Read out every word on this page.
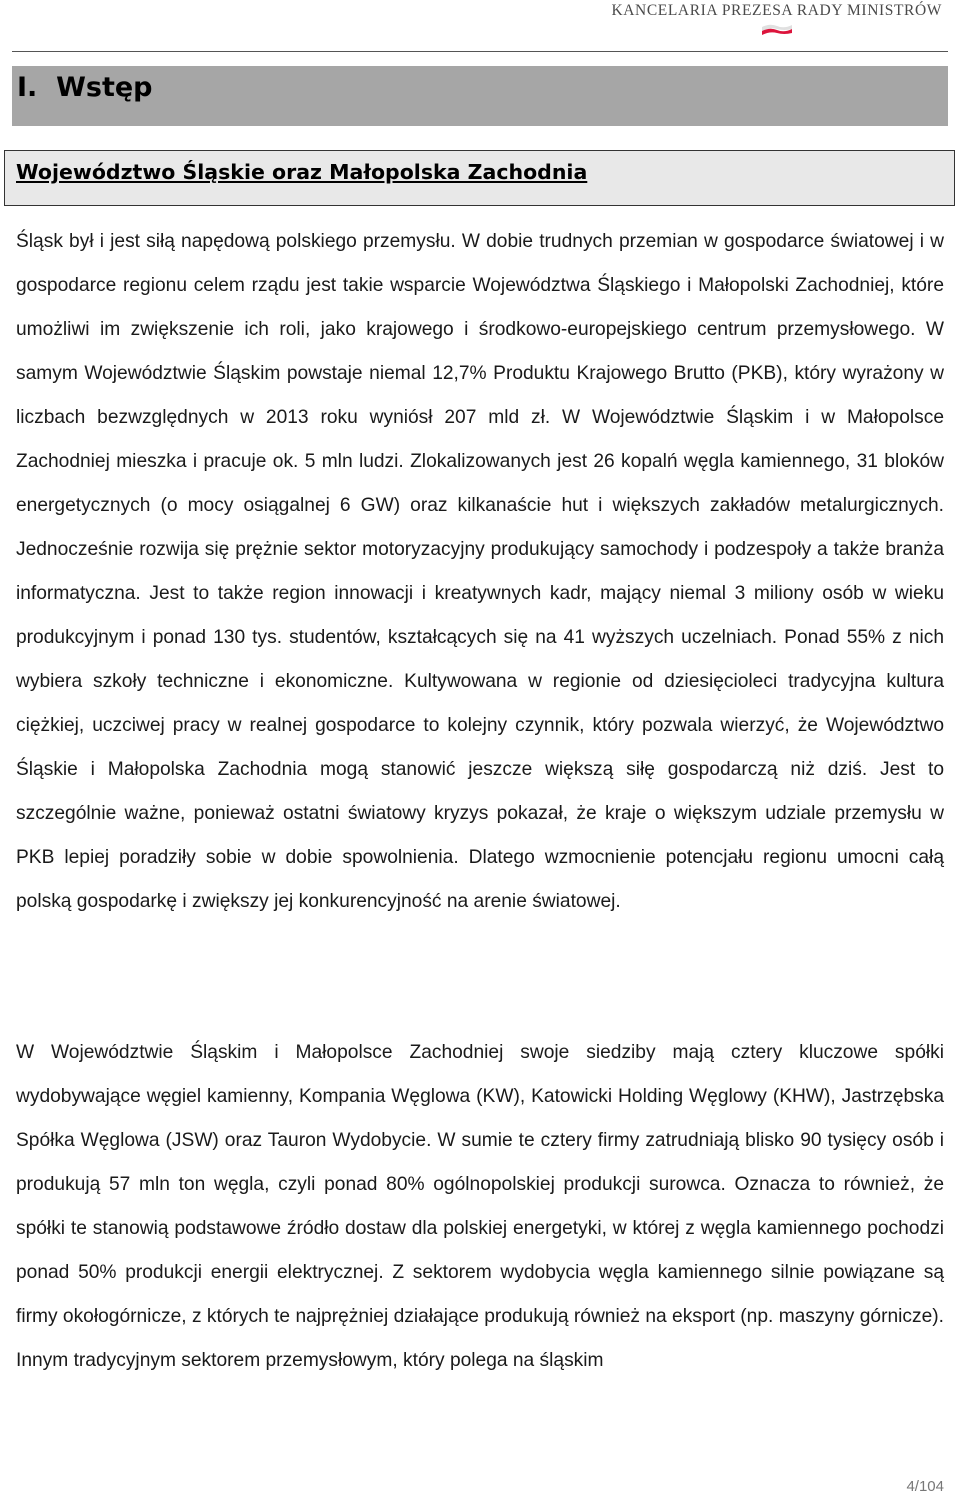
KANCELARIA PREZESA RADY MINISTRÓW
I.  Wstęp
Województwo Śląskie oraz Małopolska Zachodnia

Śląsk był i jest siłą napędową polskiego przemysłu. W dobie trudnych przemian w gospodarce światowej i w gospodarce regionu celem rządu jest takie wsparcie Województwa Śląskiego i Małopolski Zachodniej, które umożliwi im zwiększenie ich roli, jako krajowego i środkowo-europejskiego centrum przemysłowego. W samym Województwie Śląskim powstaje niemal 12,7% Produktu Krajowego Brutto (PKB), który wyrażony w liczbach bezwzględnych w 2013 roku wyniósł 207 mld zł. W Województwie Śląskim i w Małopolsce Zachodniej mieszka i pracuje ok. 5 mln ludzi. Zlokalizowanych jest 26 kopalń węgla kamiennego, 31 bloków energetycznych (o mocy osiągalnej 6 GW) oraz kilkanaście hut i większych zakładów metalurgicznych. Jednocześnie rozwija się prężnie sektor motoryzacyjny produkujący samochody i podzespoły a także branża informatyczna. Jest to także region innowacji i kreatywnych kadr, mający niemal 3 miliony osób w wieku produkcyjnym i ponad 130 tys. studentów, kształcących się na 41 wyższych uczelniach. Ponad 55% z nich wybiera szkoły techniczne i ekonomiczne. Kultywowana w regionie od dziesięcioleci tradycyjna kultura ciężkiej, uczciwej pracy w realnej gospodarce to kolejny czynnik, który pozwala wierzyć, że Województwo Śląskie i Małopolska Zachodnia mogą stanowić jeszcze większą siłę gospodarczą niż dziś. Jest to szczególnie ważne, ponieważ ostatni światowy kryzys pokazał, że kraje o większym udziale przemysłu w PKB lepiej poradziły sobie w dobie spowolnienia. Dlatego wzmocnienie potencjału regionu umocni całą polską gospodarkę i zwiększy jej konkurencyjność na arenie światowej.

W Województwie Śląskim i Małopolsce Zachodniej swoje siedziby mają cztery kluczowe spółki wydobywające węgiel kamienny, Kompania Węglowa (KW), Katowicki Holding Węglowy (KHW), Jastrzębska Spółka Węglowa (JSW) oraz Tauron Wydobycie. W sumie te cztery firmy zatrudniają blisko 90 tysięcy osób i produkują 57 mln ton węgla, czyli ponad 80% ogólnopolskiej produkcji surowca. Oznacza to również, że spółki te stanowią podstawowe źródło dostaw dla polskiej energetyki, w której z węgla kamiennego pochodzi ponad 50% produkcji energii elektrycznej. Z sektorem wydobycia węgla kamiennego silnie powiązane są firmy okołogórnicze, z których te najprężniej działające produkują również na eksport (np. maszyny górnicze). Innym tradycyjnym sektorem przemysłowym, który polega na śląskim

4/104
